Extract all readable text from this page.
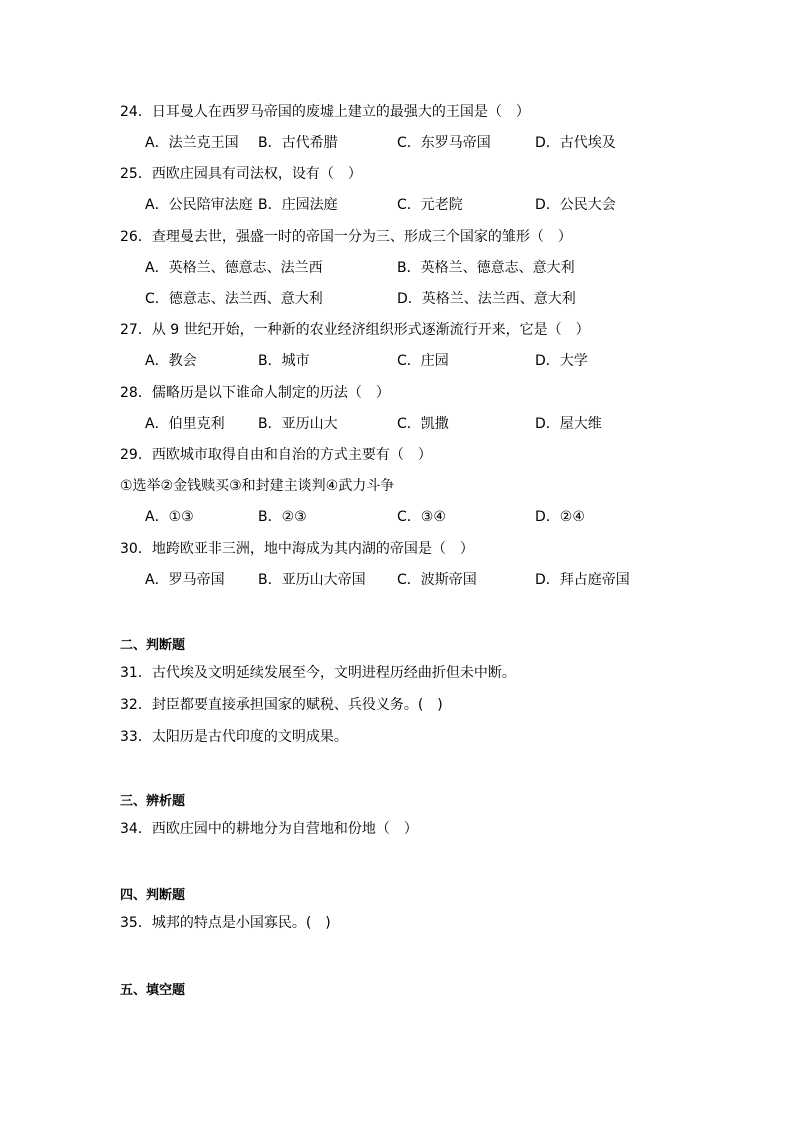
24．日耳曼人在西罗马帝国的废墟上建立的最强大的王国是（　）
A．法兰克王国 B．古代希腊	C．东罗马帝国	D．古代埃及
25．西欧庄园具有司法权，设有（　）
A．公民陪审法庭 B．庄园法庭	C．元老院	D．公民大会
26．查理曼去世，强盛一时的帝国一分为三、形成三个国家的雏形（　）
A．英格兰、德意志、法兰西	B．英格兰、德意志、意大利
C．德意志、法兰西、意大利	D．英格兰、法兰西、意大利
27．从 9 世纪开始，一种新的农业经济组织形式逐渐流行开来，它是（　）
A．教会	B．城市	C．庄园	D．大学
28．儒略历是以下谁命人制定的历法（　）
A．伯里克利 B．亚历山大	C．凯撒	D．屋大维
29．西欧城市取得自由和自治的方式主要有（　）
①选举②金钱赎买③和封建主谈判④武力斗争
A．①③	B．②③	C．③④	D．②④
30．地跨欧亚非三洲，地中海成为其内湖的帝国是（　）
A．罗马帝国 B．亚历山大帝国 C．波斯帝国	D．拜占庭帝国
二、判断题
31．古代埃及文明延续发展至今，文明进程历经曲折但未中断。
32．封臣都要直接承担国家的赋税、兵役义务。(　)
33．太阳历是古代印度的文明成果。
三、辨析题
34．西欧庄园中的耕地分为自营地和份地（　）
四、判断题
35．城邦的特点是小国寡民。(　)
五、填空题
